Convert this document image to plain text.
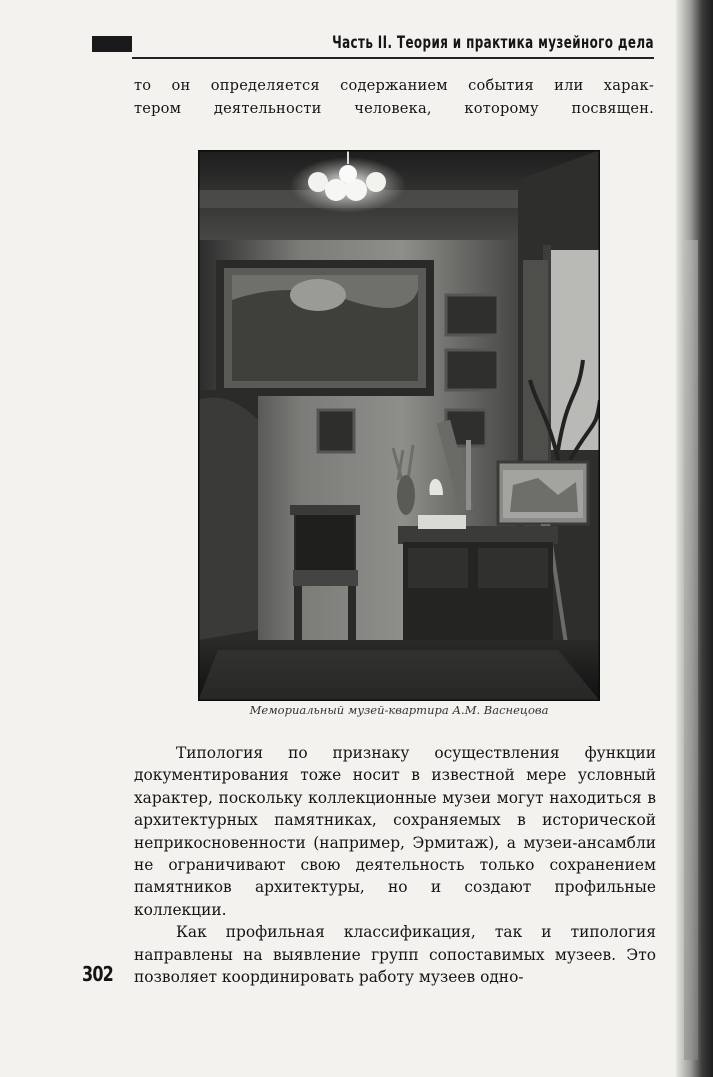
Часть II. Теория и практика музейного дела

то он определяется содержанием события или харак-

тером деятельности человека, которому посвящен.

Мемориальный музей-квартира А.М. Васнецова

Типология по признаку осуществления функции документирования тоже носит в известной мере условный характер, поскольку коллекционные музеи могут находиться в архитектурных памятниках, сохраняемых в исторической неприкосновенности (например, Эрмитаж), а музеи-ансамбли не ограничивают свою деятельность только сохранением памятников архитектуры, но и создают профильные коллекции.

Как профильная классификация, так и типология направлены на выявление групп сопоставимых музеев. Это позволяет координировать работу музеев одно-

302
